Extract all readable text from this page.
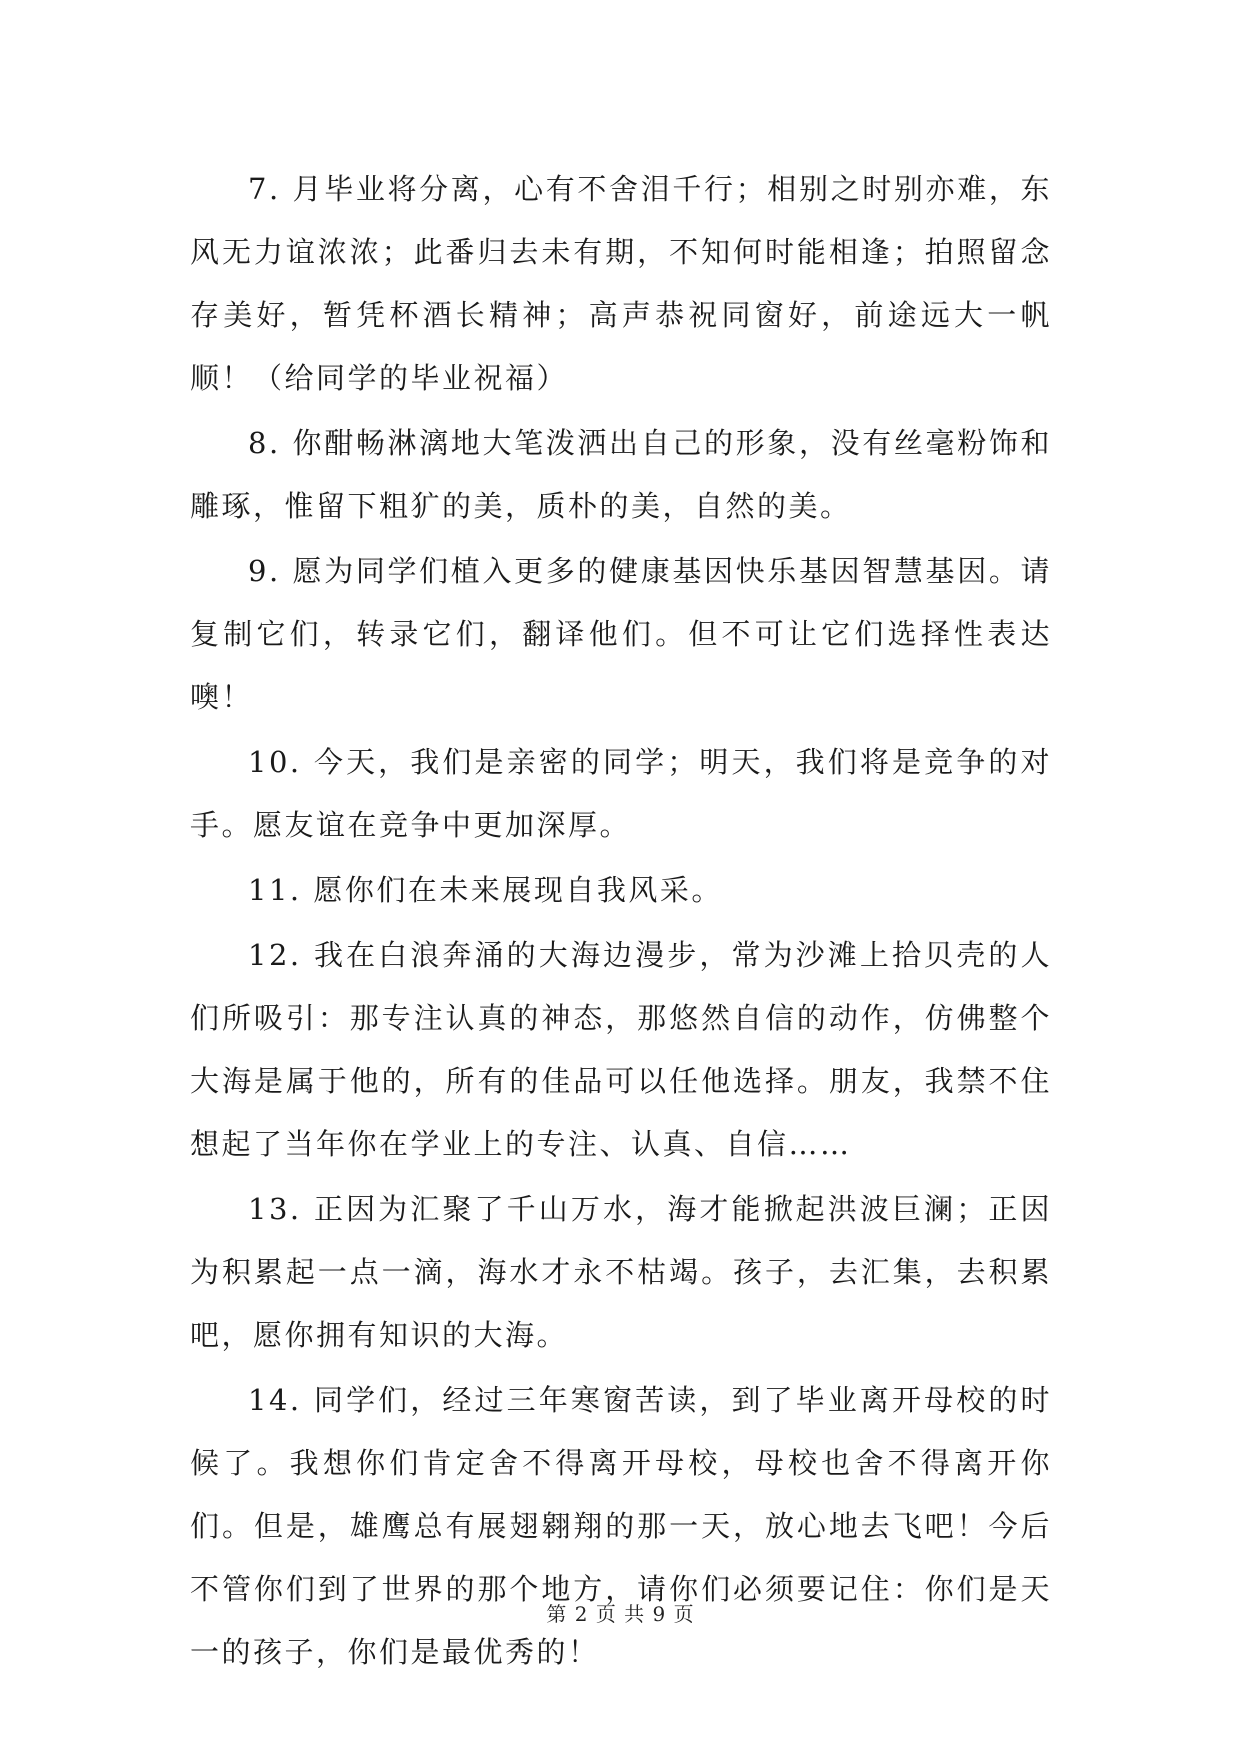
7. 月毕业将分离，心有不舍泪千行；相别之时别亦难，东风无力谊浓浓；此番归去未有期，不知何时能相逢；拍照留念存美好，暂凭杯酒长精神；高声恭祝同窗好，前途远大一帆顺！（给同学的毕业祝福）

8. 你酣畅淋漓地大笔泼洒出自己的形象，没有丝毫粉饰和雕琢，惟留下粗犷的美，质朴的美，自然的美。

9. 愿为同学们植入更多的健康基因快乐基因智慧基因。请复制它们，转录它们，翻译他们。但不可让它们选择性表达噢！

10. 今天，我们是亲密的同学；明天，我们将是竞争的对手。愿友谊在竞争中更加深厚。

11. 愿你们在未来展现自我风采。

12. 我在白浪奔涌的大海边漫步，常为沙滩上拾贝壳的人们所吸引：那专注认真的神态，那悠然自信的动作，仿佛整个大海是属于他的，所有的佳品可以任他选择。朋友，我禁不住想起了当年你在学业上的专注、认真、自信……

13. 正因为汇聚了千山万水，海才能掀起洪波巨澜；正因为积累起一点一滴，海水才永不枯竭。孩子，去汇集，去积累吧，愿你拥有知识的大海。

14. 同学们，经过三年寒窗苦读，到了毕业离开母校的时候了。我想你们肯定舍不得离开母校，母校也舍不得离开你们。但是，雄鹰总有展翅翱翔的那一天，放心地去飞吧！今后不管你们到了世界的那个地方，请你们必须要记住：你们是天一的孩子，你们是最优秀的！

第 2 页 共 9 页
